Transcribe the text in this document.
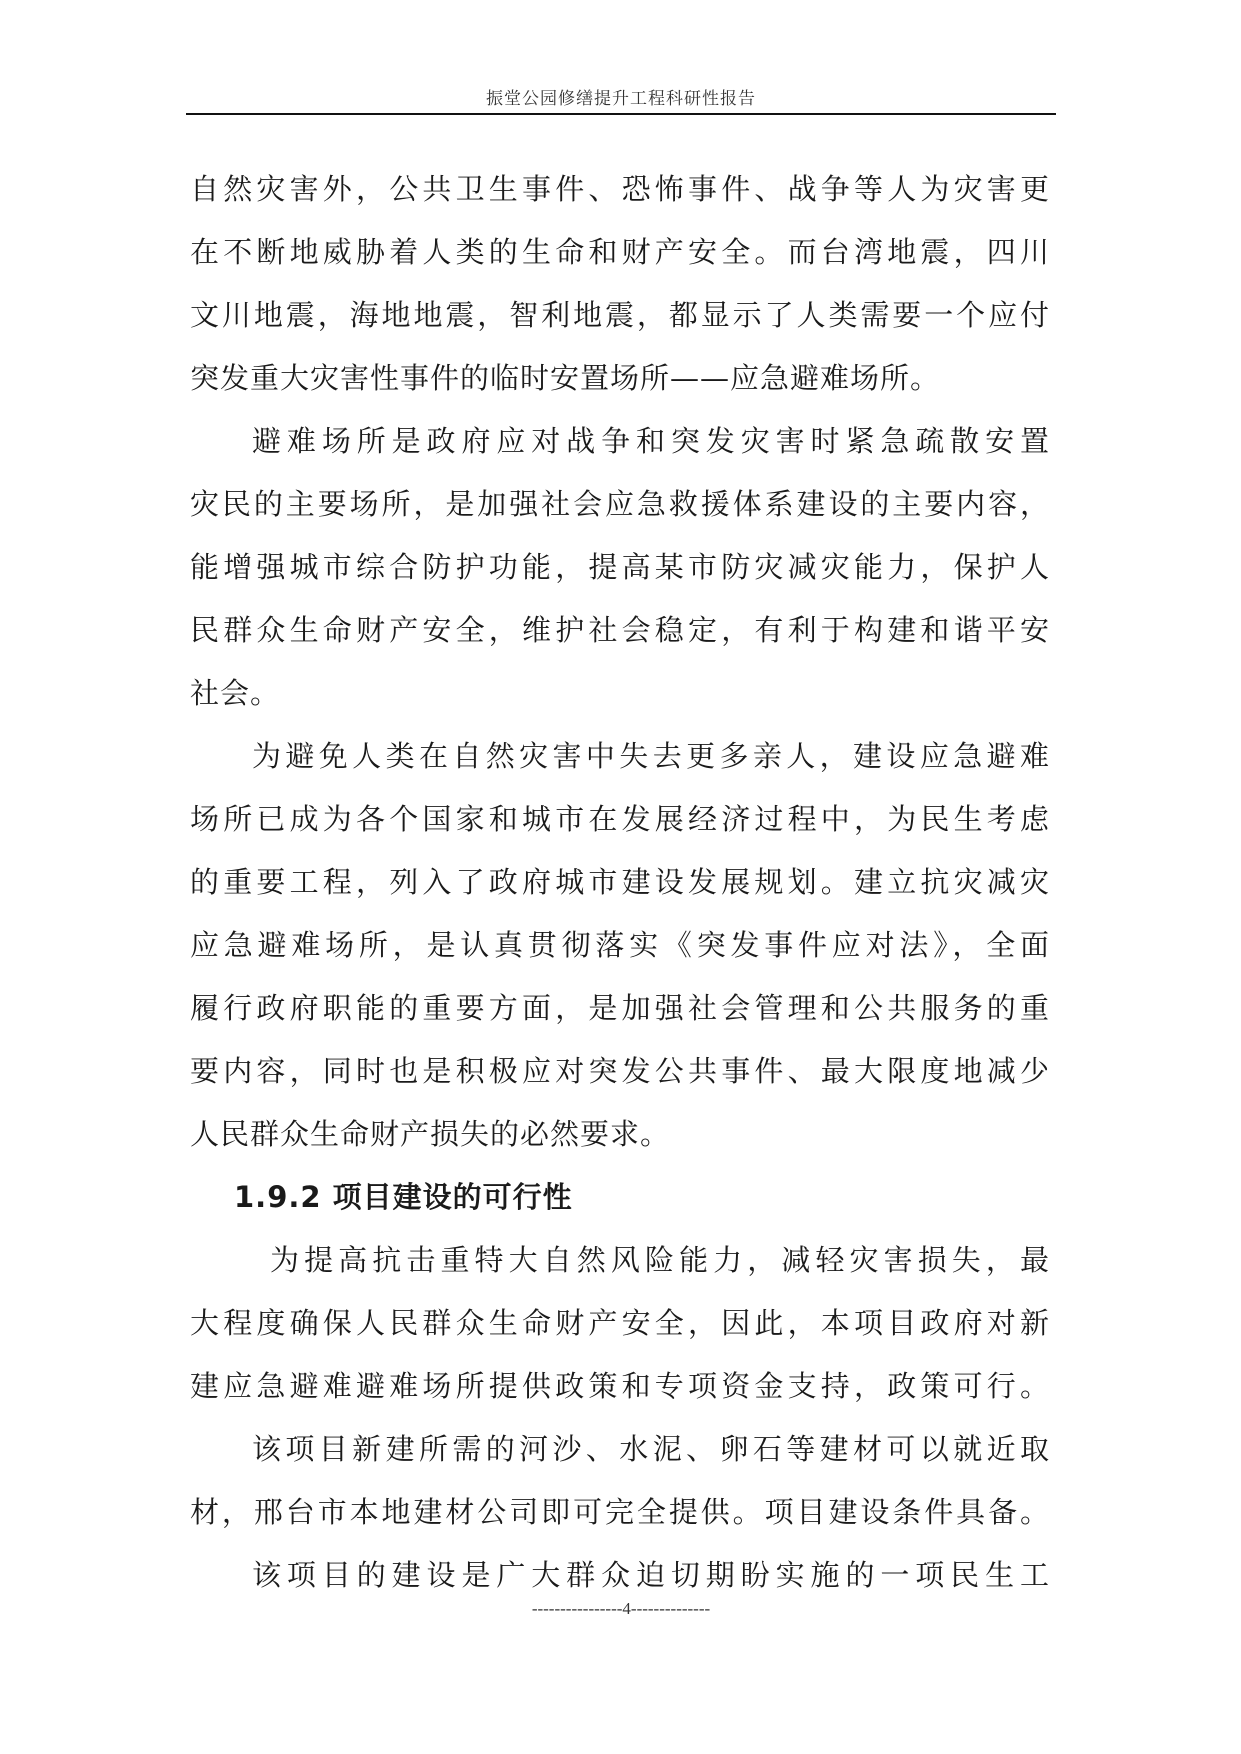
振堂公园修缮提升工程科研性报告
自然灾害外，公共卫生事件、恐怖事件、战争等人为灾害更
在不断地威胁着人类的生命和财产安全。而台湾地震，四川
文川地震，海地地震，智利地震，都显示了人类需要一个应付
突发重大灾害性事件的临时安置场所——应急避难场所。
避难场所是政府应对战争和突发灾害时紧急疏散安置
灾民的主要场所，是加强社会应急救援体系建设的主要内容，
能增强城市综合防护功能，提高某市防灾减灾能力，保护人
民群众生命财产安全，维护社会稳定，有利于构建和谐平安
社会。
为避免人类在自然灾害中失去更多亲人，建设应急避难
场所已成为各个国家和城市在发展经济过程中，为民生考虑
的重要工程，列入了政府城市建设发展规划。建立抗灾减灾
应急避难场所，是认真贯彻落实《突发事件应对法》，全面
履行政府职能的重要方面，是加强社会管理和公共服务的重
要内容，同时也是积极应对突发公共事件、最大限度地减少
人民群众生命财产损失的必然要求。
1.9.2 项目建设的可行性
为提高抗击重特大自然风险能力，减轻灾害损失，最
大程度确保人民群众生命财产安全，因此，本项目政府对新
建应急避难避难场所提供政策和专项资金支持，政策可行。
该项目新建所需的河沙、水泥、卵石等建材可以就近取
材，邢台市本地建材公司即可完全提供。项目建设条件具备。
该项目的建设是广大群众迫切期盼实施的一项民生工
----------------4--------------
